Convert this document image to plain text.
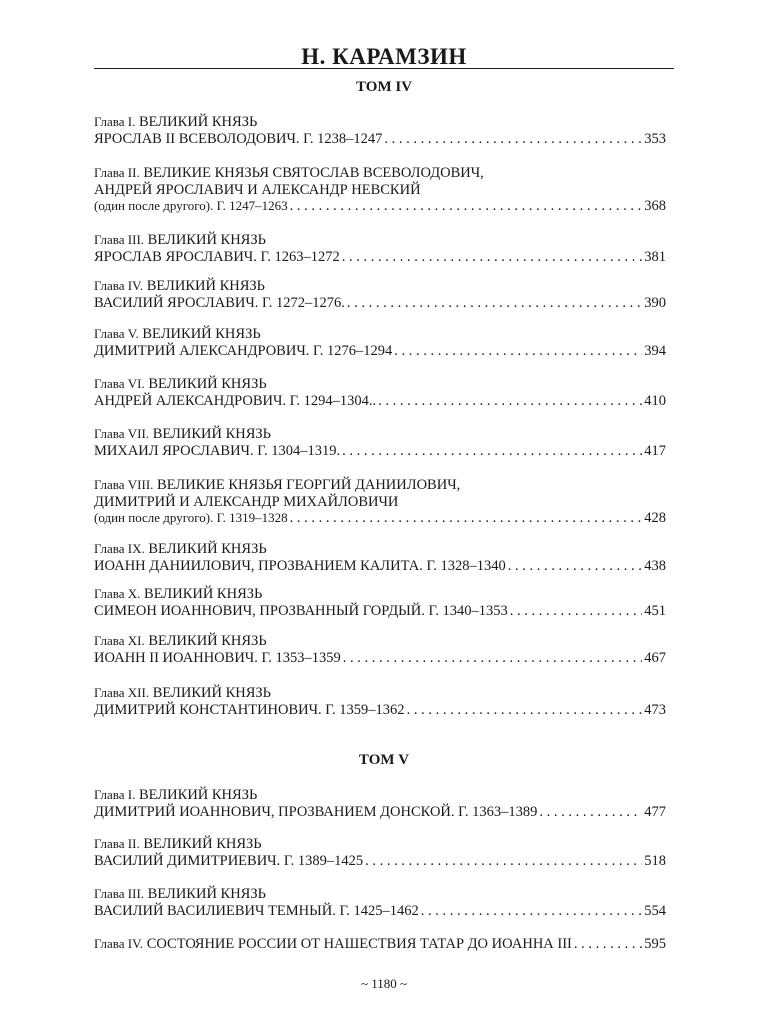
Н. КАРАМЗИН
ТОМ IV
Глава I. ВЕЛИКИЙ КНЯЗЬ
ЯРОСЛАВ II ВСЕВОЛОДОВИЧ. Г. 1238–1247 . . .	353
Глава II. ВЕЛИКИЕ КНЯЗЬЯ СВЯТОСЛАВ ВСЕВОЛОДОВИЧ,
АНДРЕЙ ЯРОСЛАВИЧ И АЛЕКСАНДР НЕВСКИЙ
(один после другого). Г. 1247–1263 . . .	368
Глава III. ВЕЛИКИЙ КНЯЗЬ
ЯРОСЛАВ ЯРОСЛАВИЧ. Г. 1263–1272 . . .	381
Глава IV. ВЕЛИКИЙ КНЯЗЬ
ВАСИЛИЙ ЯРОСЛАВИЧ. Г. 1272–1276. . . .	390
Глава V. ВЕЛИКИЙ КНЯЗЬ
ДИМИТРИЙ АЛЕКСАНДРОВИЧ. Г. 1276–1294 . . .	394
Глава VI. ВЕЛИКИЙ КНЯЗЬ
АНДРЕЙ АЛЕКСАНДРОВИЧ. Г. 1294–1304.. . . .	410
Глава VII. ВЕЛИКИЙ КНЯЗЬ
МИХАИЛ ЯРОСЛАВИЧ. Г. 1304–1319. . . .	417
Глава VIII. ВЕЛИКИЕ КНЯЗЬЯ ГЕОРГИЙ ДАНИИЛОВИЧ,
ДИМИТРИЙ И АЛЕКСАНДР МИХАЙЛОВИЧИ
(один после другого). Г. 1319–1328 . . .	428
Глава IX. ВЕЛИКИЙ КНЯЗЬ
ИОАНН ДАНИИЛОВИЧ, ПРОЗВАНИЕМ КАЛИТА. Г. 1328–1340 . . .	438
Глава X. ВЕЛИКИЙ КНЯЗЬ
СИМЕОН ИОАННОВИЧ, ПРОЗВАННЫЙ ГОРДЫЙ. Г. 1340–1353 . . .	451
Глава XI. ВЕЛИКИЙ КНЯЗЬ
ИОАНН II ИОАННОВИЧ. Г. 1353–1359 . . .	467
Глава XII. ВЕЛИКИЙ КНЯЗЬ
ДИМИТРИЙ КОНСТАНТИНОВИЧ. Г. 1359–1362 . . .	473
ТОМ V
Глава I. ВЕЛИКИЙ КНЯЗЬ
ДИМИТРИЙ ИОАННОВИЧ, ПРОЗВАНИЕМ ДОНСКОЙ. Г. 1363–1389 . . .	477
Глава II. ВЕЛИКИЙ КНЯЗЬ
ВАСИЛИЙ ДИМИТРИЕВИЧ. Г. 1389–1425 . . .	518
Глава III. ВЕЛИКИЙ КНЯЗЬ
ВАСИЛИЙ ВАСИЛИЕВИЧ ТЕМНЫЙ. Г. 1425–1462 . . .	554
Глава IV. СОСТОЯНИЕ РОССИИ ОТ НАШЕСТВИЯ ТАТАР ДО ИОАННА III . . .	595
~ 1180 ~
